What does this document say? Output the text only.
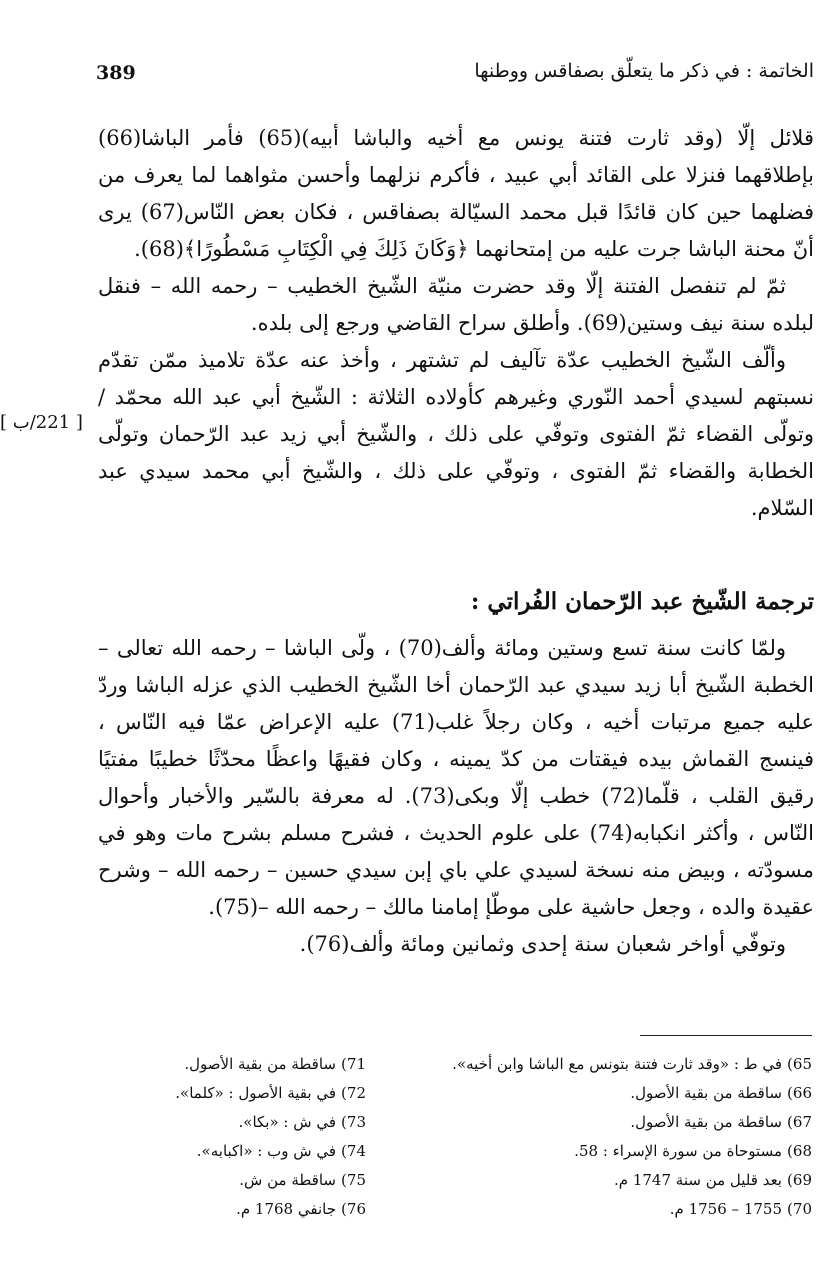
389	الخاتمة : في ذكر ما يتعلّق بصفاقس ووطنها

قلائل إلّا (وقد ثارت فتنة يونس مع أخيه والباشا أبيه)(65) فأمر الباشا(66) بإطلاقهما فنزلا على القائد أبي عبيد ، فأكرم نزلهما وأحسن مثواهما لما يعرف من فضلهما حين كان قائدًا قبل محمد السيّالة بصفاقس ، فكان بعض النّاس(67) يرى أنّ محنة الباشا جرت عليه من إمتحانهما ﴿وَكَانَ ذَلِكَ فِي الْكِتَابِ مَسْطُورًا﴾(68).

ثمّ لم تنفصل الفتنة إلّا وقد حضرت منيّة الشّيخ الخطيب – رحمه الله – فنقل لبلده سنة نيف وستين(69). وأطلق سراح القاضي ورجع إلى بلده.

وألّف الشّيخ الخطيب عدّة تآليف لم تشتهر ، وأخذ عنه عدّة تلاميذ ممّن تقدّم نسبتهم لسيدي أحمد النّوري وغيرهم كأولاده الثلاثة : الشّيخ أبي عبد الله محمّد / وتولّى القضاء ثمّ الفتوى وتوفّي على ذلك ، والشّيخ أبي زيد عبد الرّحمان وتولّى الخطابة والقضاء ثمّ الفتوى ، وتوفّي على ذلك ، والشّيخ أبي محمد سيدي عبد السّلام.

[ 221/ب ]
ترجمة الشّيخ عبد الرّحمان الفُراتي :

ولمّا كانت سنة تسع وستين ومائة وألف(70) ، ولّى الباشا – رحمه الله تعالى – الخطبة الشّيخ أبا زيد سيدي عبد الرّحمان أخا الشّيخ الخطيب الذي عزله الباشا وردّ عليه جميع مرتبات أخيه ، وكان رجلاً غلب(71) عليه الإعراض عمّا فيه النّاس ، فينسج القماش بيده فيقتات من كدّ يمينه ، وكان فقيهًا واعظًا محدّثًا خطيبًا مفتيًا رقيق القلب ، قلّما(72) خطب إلّا وبكى(73). له معرفة بالسّير والأخبار وأحوال النّاس ، وأكثر انكبابه(74) على علوم الحديث ، فشرح مسلم بشرح مات وهو في مسودّته ، وبيض منه نسخة لسيدي علي باي إبن سيدي حسين – رحمه الله – وشرح عقيدة والده ، وجعل حاشية على موطّإ إمامنا مالك – رحمه الله –(75).

وتوفّي أواخر شعبان سنة إحدى وثمانين ومائة وألف(76).

65)
في ط : «وقد ثارت فتنة بتونس مع الباشا وابن أخيه».
66)
ساقطة من بقية الأصول.
67)
ساقطة من بقية الأصول.
68)
مستوحاة من سورة الإسراء : 58.
69)
بعد قليل من سنة 1747 م.
70)
1755 – 1756 م.
71)
ساقطة من بقية الأصول.
72)
في بقية الأصول : «كلما».
73)
في ش : «بكا».
74)
في ش وب : «اكبابه».
75)
ساقطة من ش.
76)
جانفي 1768 م.
